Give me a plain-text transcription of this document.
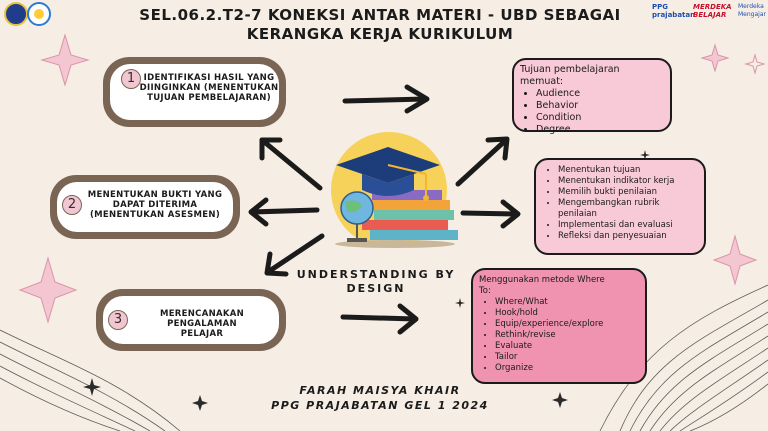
SEL.06.2.T2-7 KONEKSI ANTAR MATERI - UBD SEBAGAI
KERANGKA KERJA KURIKULUM
PPG
prajabatan
MERDEKA
BELAJAR
Merdeka
Mengajar
1 IDENTIFIKASI HASIL YANG
DIINGINKAN (MENENTUKAN
TUJUAN PEMBELAJARAN)
2
MENENTUKAN BUKTI YANG
DAPAT DITERIMA
(MENENTUKAN ASESMEN)
3	MERENCANAKAN PENGALAMAN
PELAJAR
UNDERSTANDING BY
DESIGN
Tujuan pembelajaran memuat:
• Audience
• Behavior
• Condition
• Degree
• Menentukan tujuan
• Menentukan indikator kerja
• Memilih bukti penilaian
• Mengembangkan rubrik penilaian
• Implementasi dan evaluasi
• Refleksi dan penyesuaian
Menggunakan metode Where To:
• Where/What
• Hook/hold
• Equip/experience/explore
• Rethink/revise
• Evaluate
• Tailor
• Organize
FARAH MAISYA KHAIR
PPG PRAJABATAN GEL 1 2024
